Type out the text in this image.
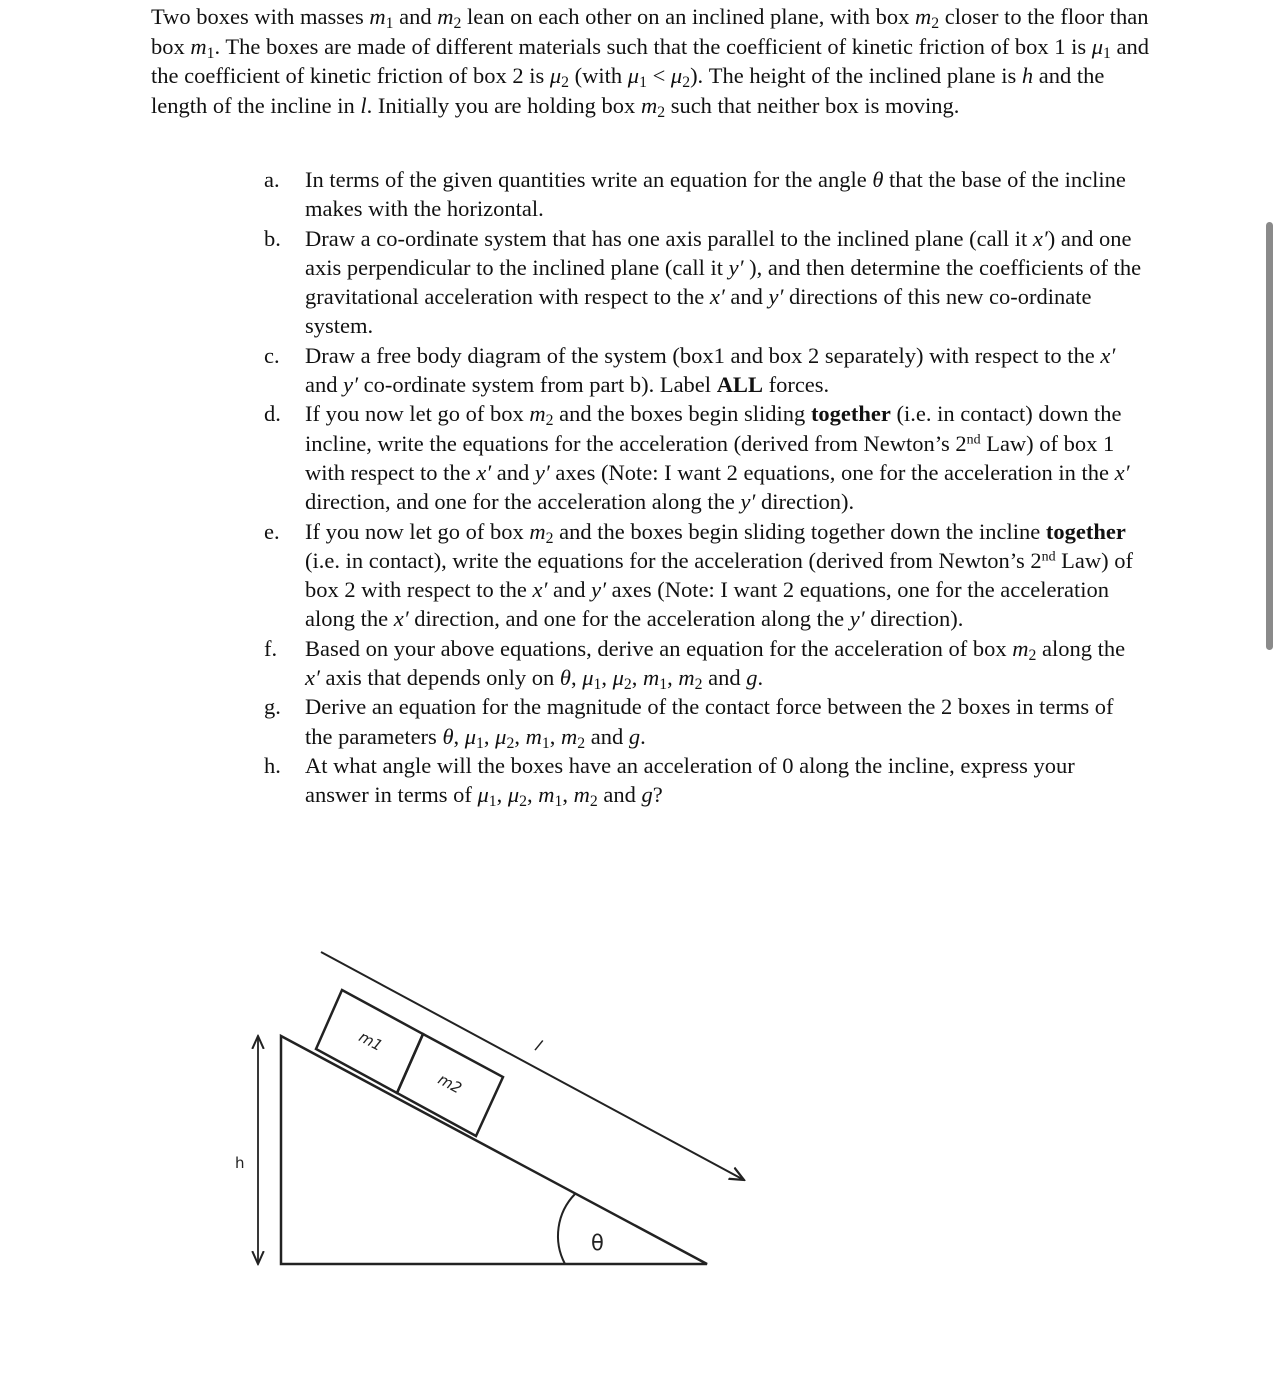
Two boxes with masses $m_1$ and $m_2$ lean on each other on an inclined plane, with box $m_2$ closer to the floor than box $m_1$. The boxes are made of different materials such that the coefficient of kinetic friction of box 1 is $\mu_1$ and the coefficient of kinetic friction of box 2 is $\mu_2$ (with $\mu_1 < \mu_2$). The height of the inclined plane is h and the length of the incline in l. Initially you are holding box $m_2$ such that neither box is moving.

a.	In terms of the given quantities write an equation for the angle θ that the base of the incline makes with the horizontal.
b.	Draw a co-ordinate system that has one axis parallel to the inclined plane (call it x′) and one axis perpendicular to the inclined plane (call it y′ ), and then determine the coefficients of the gravitational acceleration with respect to the x′ and y′ directions of this new co-ordinate system.
c.	Draw a free body diagram of the system (box1 and box 2 separately) with respect to the x′ and y′ co-ordinate system from part b). Label ALL forces.
d.	If you now let go of box $m_2$ and the boxes begin sliding together (i.e. in contact) down the incline, write the equations for the acceleration (derived from Newton’s 2nd Law) of box 1 with respect to the x′ and y′ axes (Note: I want 2 equations, one for the acceleration in the x′ direction, and one for the acceleration along the y′ direction).
e.	If you now let go of box $m_2$ and the boxes begin sliding together down the incline together (i.e. in contact), write the equations for the acceleration (derived from Newton’s 2nd Law) of box 2 with respect to the x′ and y′ axes (Note: I want 2 equations, one for the acceleration along the x′ direction, and one for the acceleration along the y′ direction).
f.	Based on your above equations, derive an equation for the acceleration of box $m_2$ along the x′ axis that depends only on θ, $\mu_1$, $\mu_2$, $m_1$, $m_2$ and g.
g.	Derive an equation for the magnitude of the contact force between the 2 boxes in terms of the parameters θ, $\mu_1$, $\mu_2$, $m_1$, $m_2$ and g.
h.	At what angle will the boxes have an acceleration of 0 along the incline, express your answer in terms of $\mu_1$, $\mu_2$, $m_1$, $m_2$ and g?
l
m1
m2
h
θ
